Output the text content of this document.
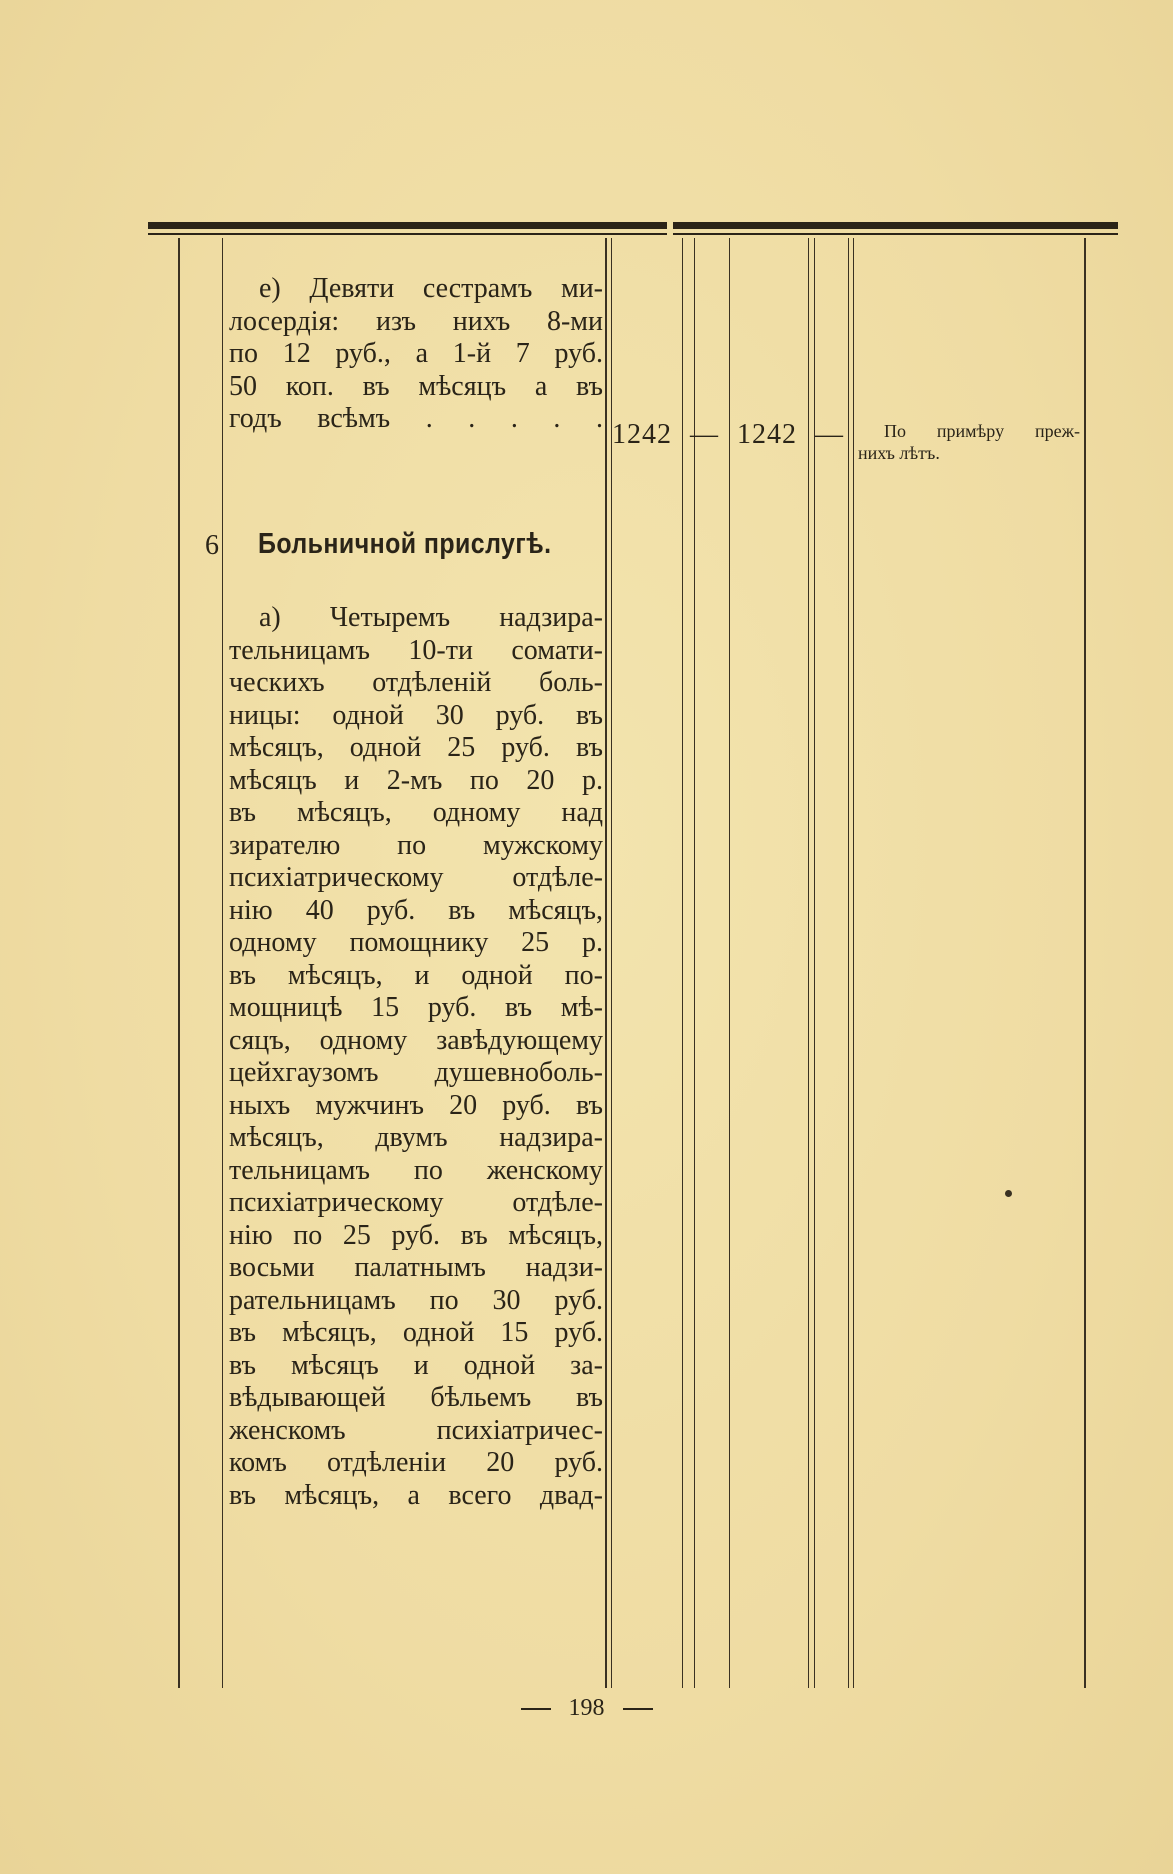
е) Девяти сестрамъ ми-
лосердія: изъ нихъ 8-ми
по 12 руб., а 1-й 7 руб.
50 коп. въ мѣсяцъ а въ
годъ всѣмъ . . . . .
1242 — 1242 —	По примѣру преж-
нихъ лѣтъ.
6 Больничной прислугѣ.
а) Четыремъ надзира-
тельницамъ 10-ти сомати-
ческихъ отдѣленій боль-
ницы: одной 30 руб. въ
мѣсяцъ, одной 25 руб. въ
мѣсяцъ и 2-мъ по 20 р.
въ мѣсяцъ, одному над
зирателю по мужскому
психіатрическому отдѣле-
нію 40 руб. въ мѣсяцъ,
одному помощнику 25 р.
въ мѣсяцъ, и одной по-
мощницѣ 15 руб. въ мѣ-
сяцъ, одному завѣдующему
цейхгаузомъ душевноболь-
ныхъ мужчинъ 20 руб. въ
мѣсяцъ, двумъ надзира-
тельницамъ по женскому
психіатрическому отдѣле-
нію по 25 руб. въ мѣсяцъ,
восьми палатнымъ надзи-
рательницамъ по 30 руб.
въ мѣсяцъ, одной 15 руб.
въ мѣсяцъ и одной за-
вѣдывающей бѣльемъ въ
женскомъ психіатричес-
комъ отдѣленіи 20 руб.
въ мѣсяцъ, а всего двад-
198
